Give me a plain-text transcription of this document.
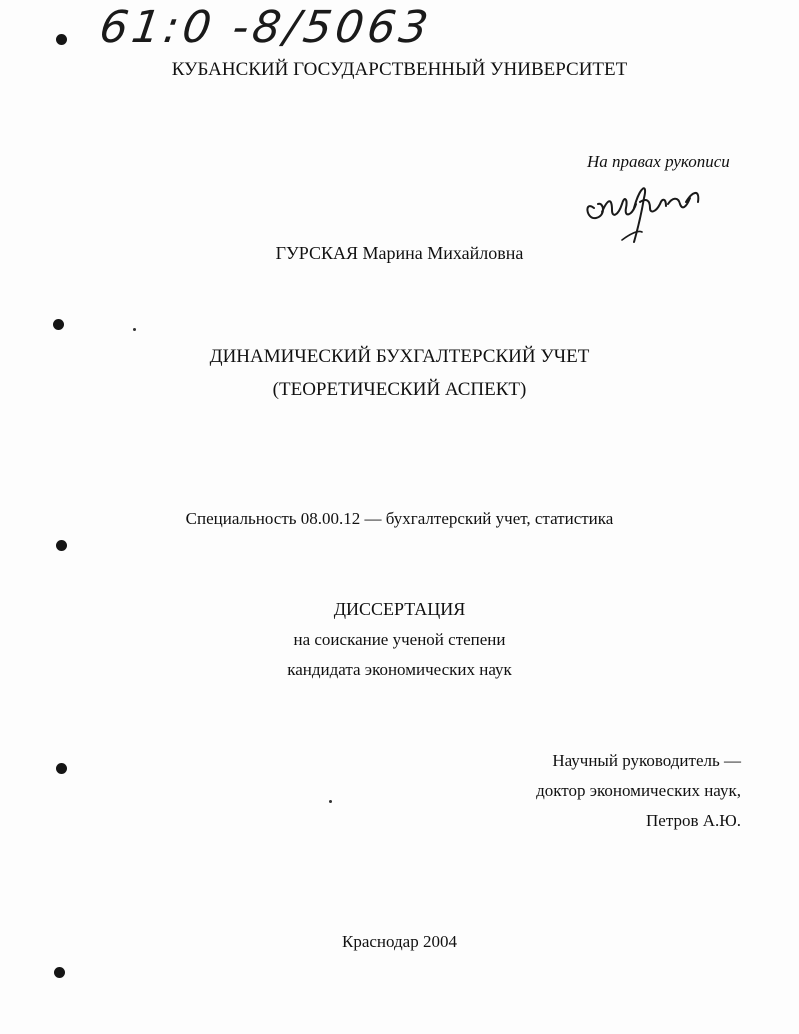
61:0 -8/5063
КУБАНСКИЙ ГОСУДАРСТВЕННЫЙ УНИВЕРСИТЕТ
На правах рукописи
ГУРСКАЯ Марина Михайловна
ДИНАМИЧЕСКИЙ БУХГАЛТЕРСКИЙ УЧЕТ
(ТЕОРЕТИЧЕСКИЙ АСПЕКТ)
Специальность 08.00.12 — бухгалтерский учет, статистика
ДИССЕРТАЦИЯ
на соискание ученой степени
кандидата экономических наук
Научный руководитель —
доктор экономических наук,
Петров А.Ю.
Краснодар 2004
